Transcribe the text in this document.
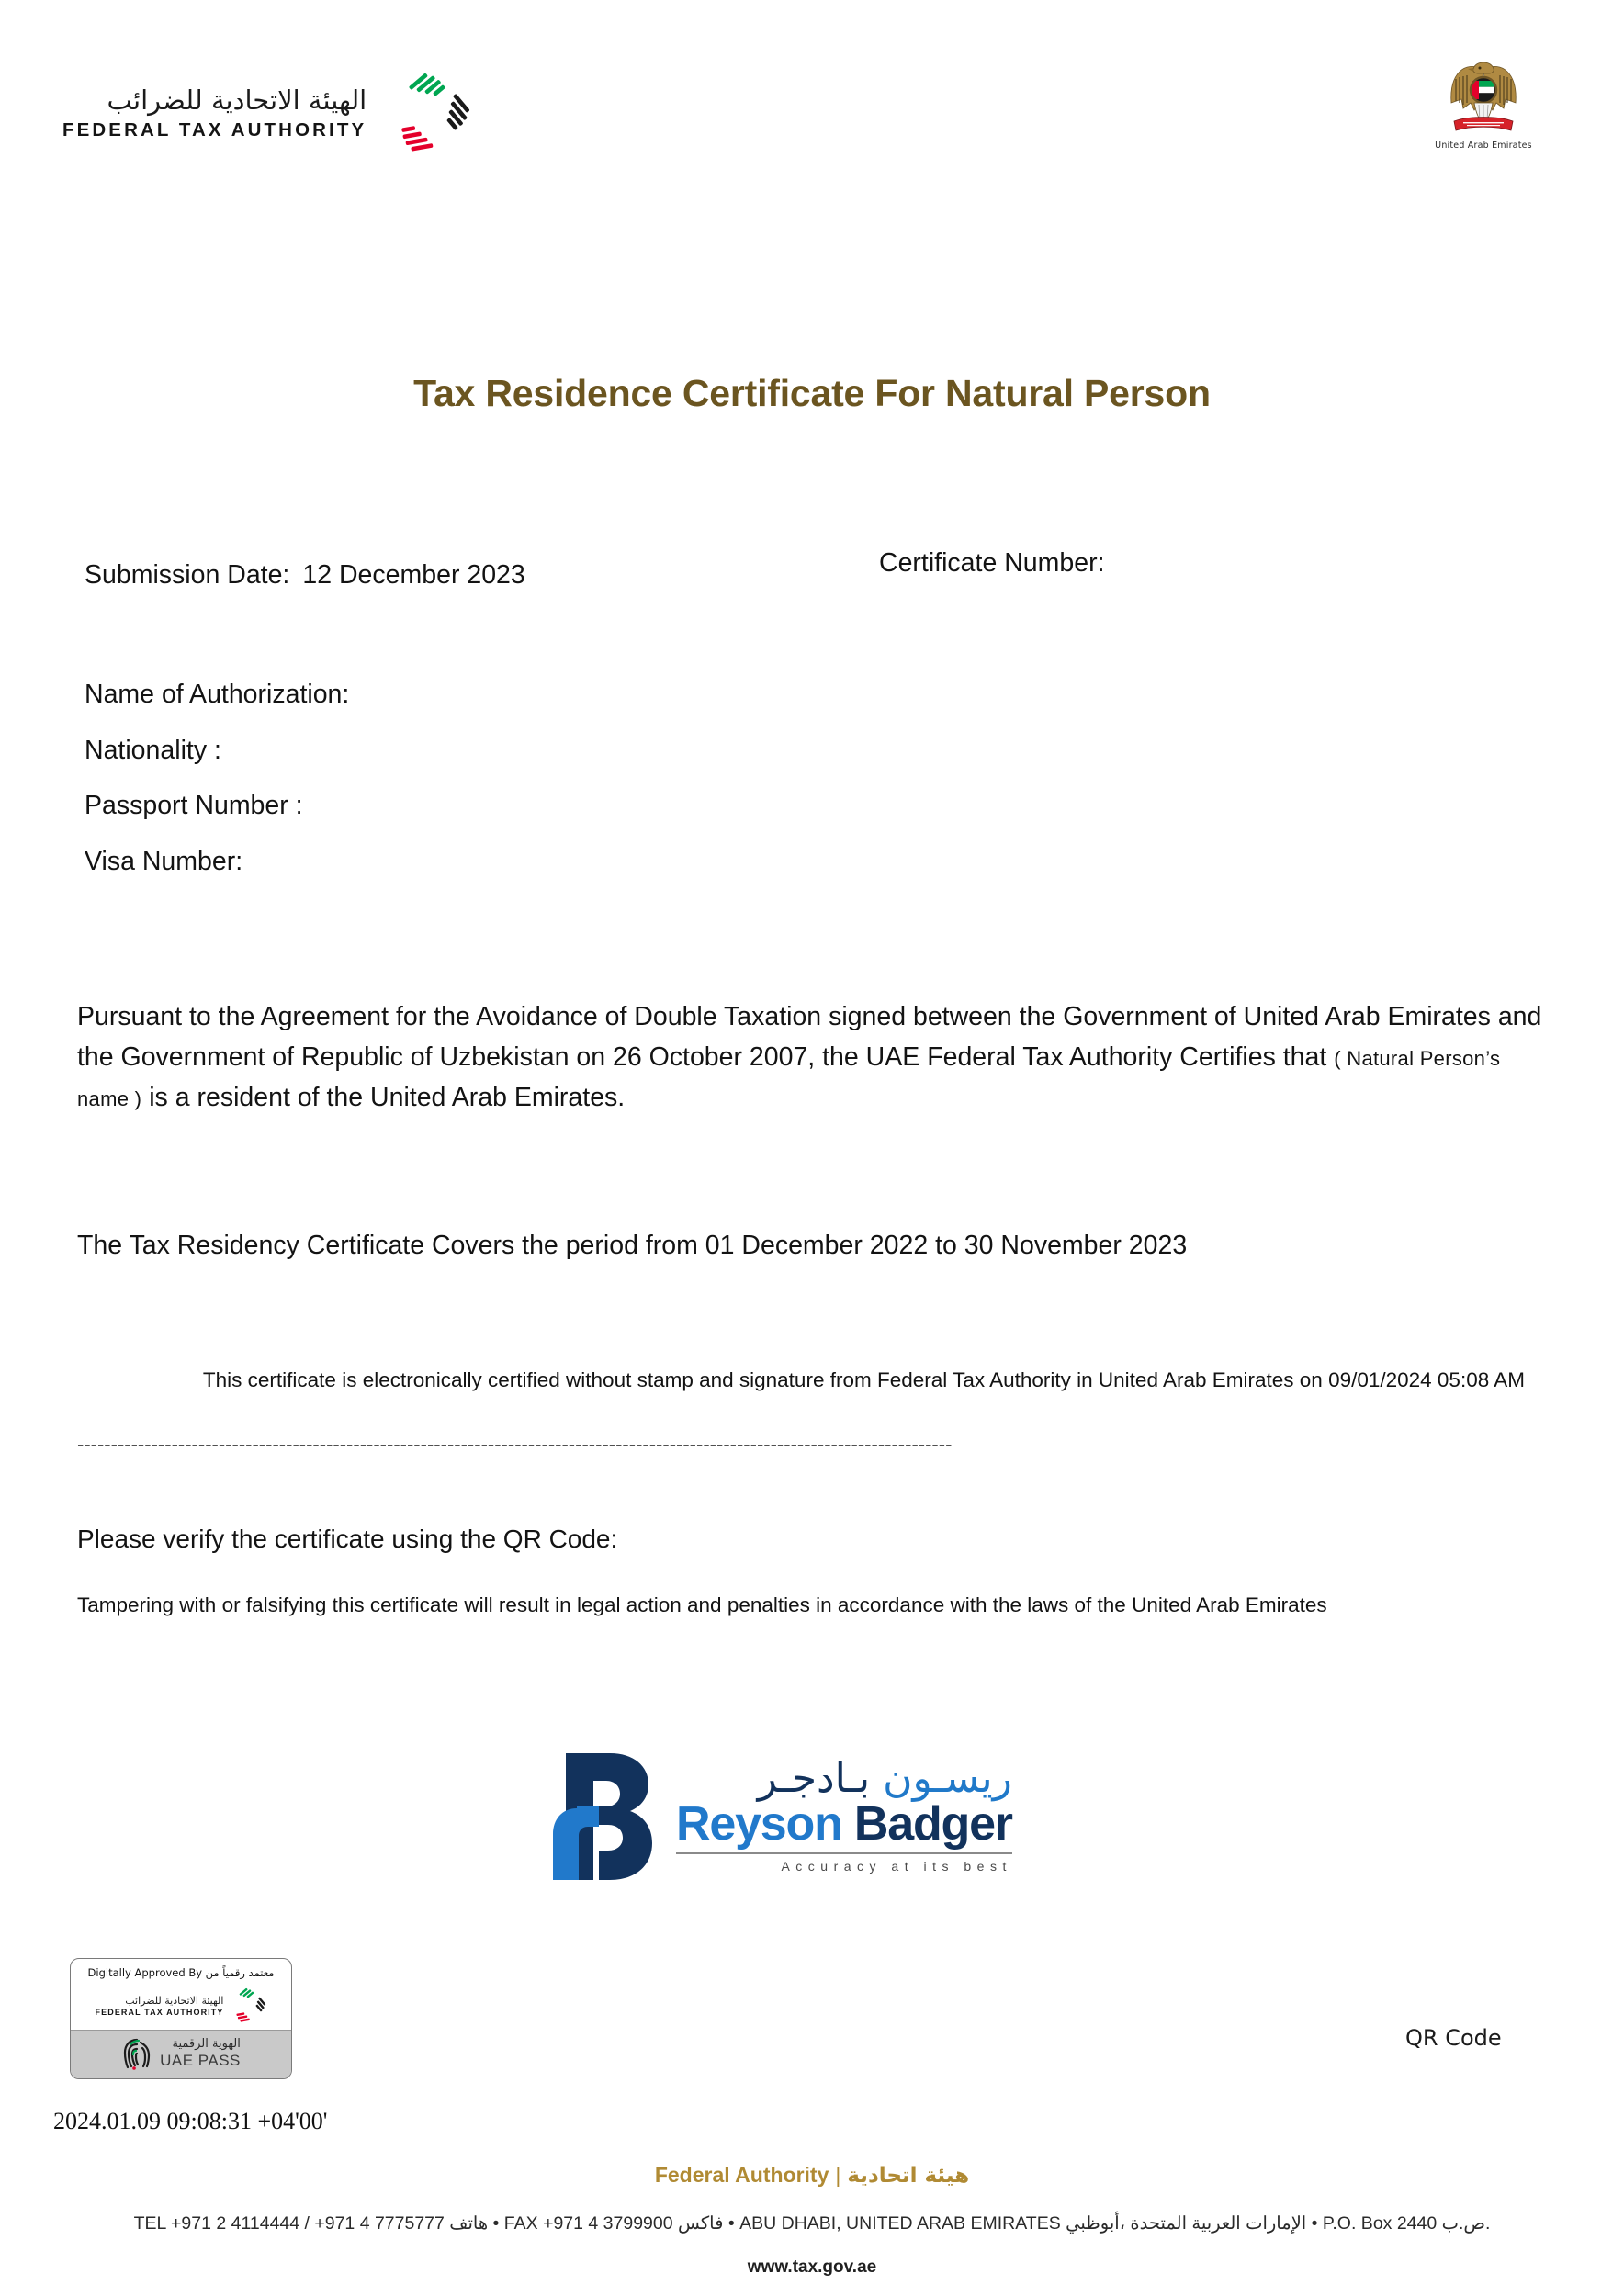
الهيئة الاتحادية للضرائب
FEDERAL TAX AUTHORITY
United Arab Emirates
Tax Residence Certificate For Natural Person
Submission Date: 12 December 2023	Certificate Number:
Name of Authorization:
Nationality :
Passport Number :
Visa Number:
Pursuant to the Agreement for the Avoidance of Double Taxation signed between the Government of United Arab Emirates and the Government of Republic of Uzbekistan on 26 October 2007, the UAE Federal Tax Authority Certifies that ( Natural Person’s name ) is a resident of the United Arab Emirates.
The Tax Residency Certificate Covers the period from 01 December 2022 to 30 November 2023
This certificate is electronically certified without stamp and signature from Federal Tax Authority in United Arab Emirates on 09/01/2024 05:08 AM
----------------------------------------------------------------------------------------------------------------------------------
Please verify the certificate using the QR Code:
Tampering with or falsifying this certificate will result in legal action and penalties in accordance with the laws of the United Arab Emirates
ريسـون بـادجـر
Reyson Badger
Accuracy at its best
Digitally Approved By معتمد رقمياً من
الهيئة الاتحادية للضرائب
FEDERAL TAX AUTHORITY
الهوية الرقمية
UAE PASS
2024.01.09 09:08:31 +04'00'
QR Code
Federal Authority | هيئة اتحادية
TEL +971 2 4114444 / +971 4 7775777 هاتف • FAX +971 4 3799900 فاكس • ABU DHABI, UNITED ARAB EMIRATES الإمارات العربية المتحدة ،أبوظبي • P.O. Box 2440 ص.ب.
www.tax.gov.ae
